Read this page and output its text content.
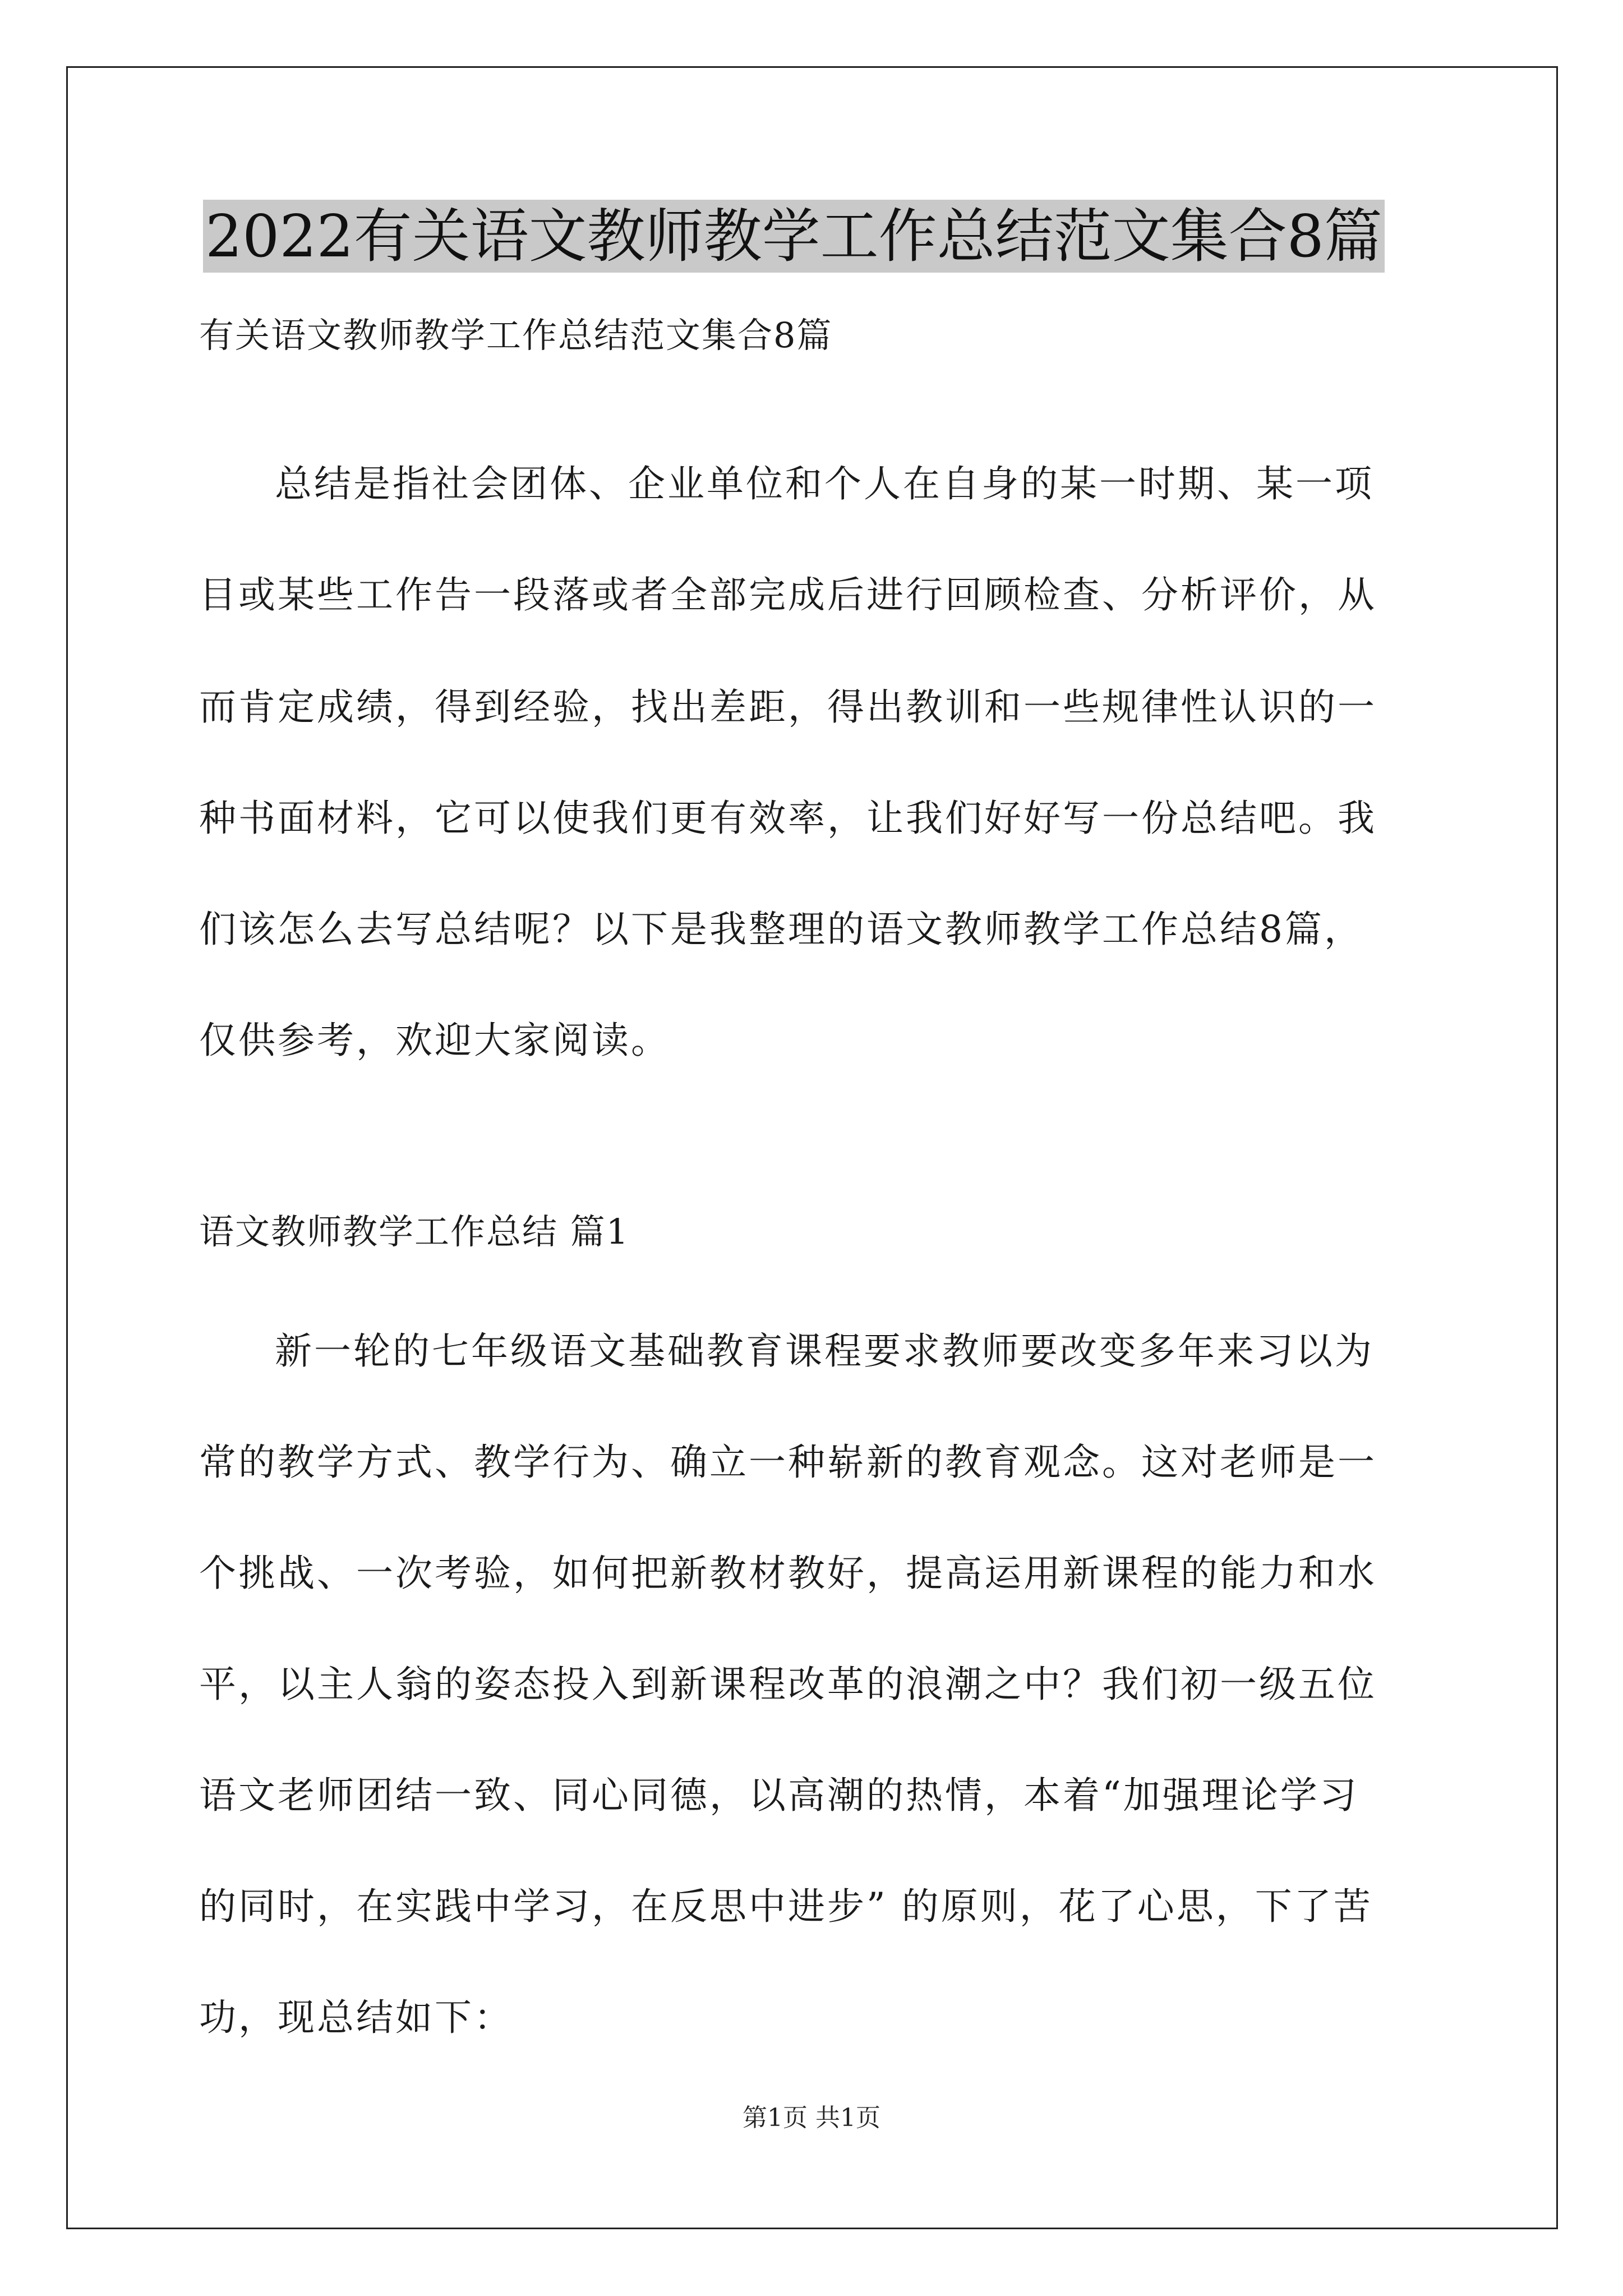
2022有关语文教师教学工作总结范文集合8篇
有关语文教师教学工作总结范文集合8篇
总结是指社会团体、企业单位和个人在自身的某一时期、某一项
目或某些工作告一段落或者全部完成后进行回顾检查、分析评价，从
而肯定成绩，得到经验，找出差距，得出教训和一些规律性认识的一
种书面材料，它可以使我们更有效率，让我们好好写一份总结吧。我
们该怎么去写总结呢？以下是我整理的语文教师教学工作总结8篇，
仅供参考，欢迎大家阅读。
语文教师教学工作总结 篇1
新一轮的七年级语文基础教育课程要求教师要改变多年来习以为
常的教学方式、教学行为、确立一种崭新的教育观念。这对老师是一
个挑战、一次考验，如何把新教材教好，提高运用新课程的能力和水
平，以主人翁的姿态投入到新课程改革的浪潮之中？我们初一级五位
语文老师团结一致、同心同德，以高潮的热情，本着“加强理论学习
的同时，在实践中学习，在反思中进步” 的原则，花了心思，下了苦
功，现总结如下：
第1页 共1页
